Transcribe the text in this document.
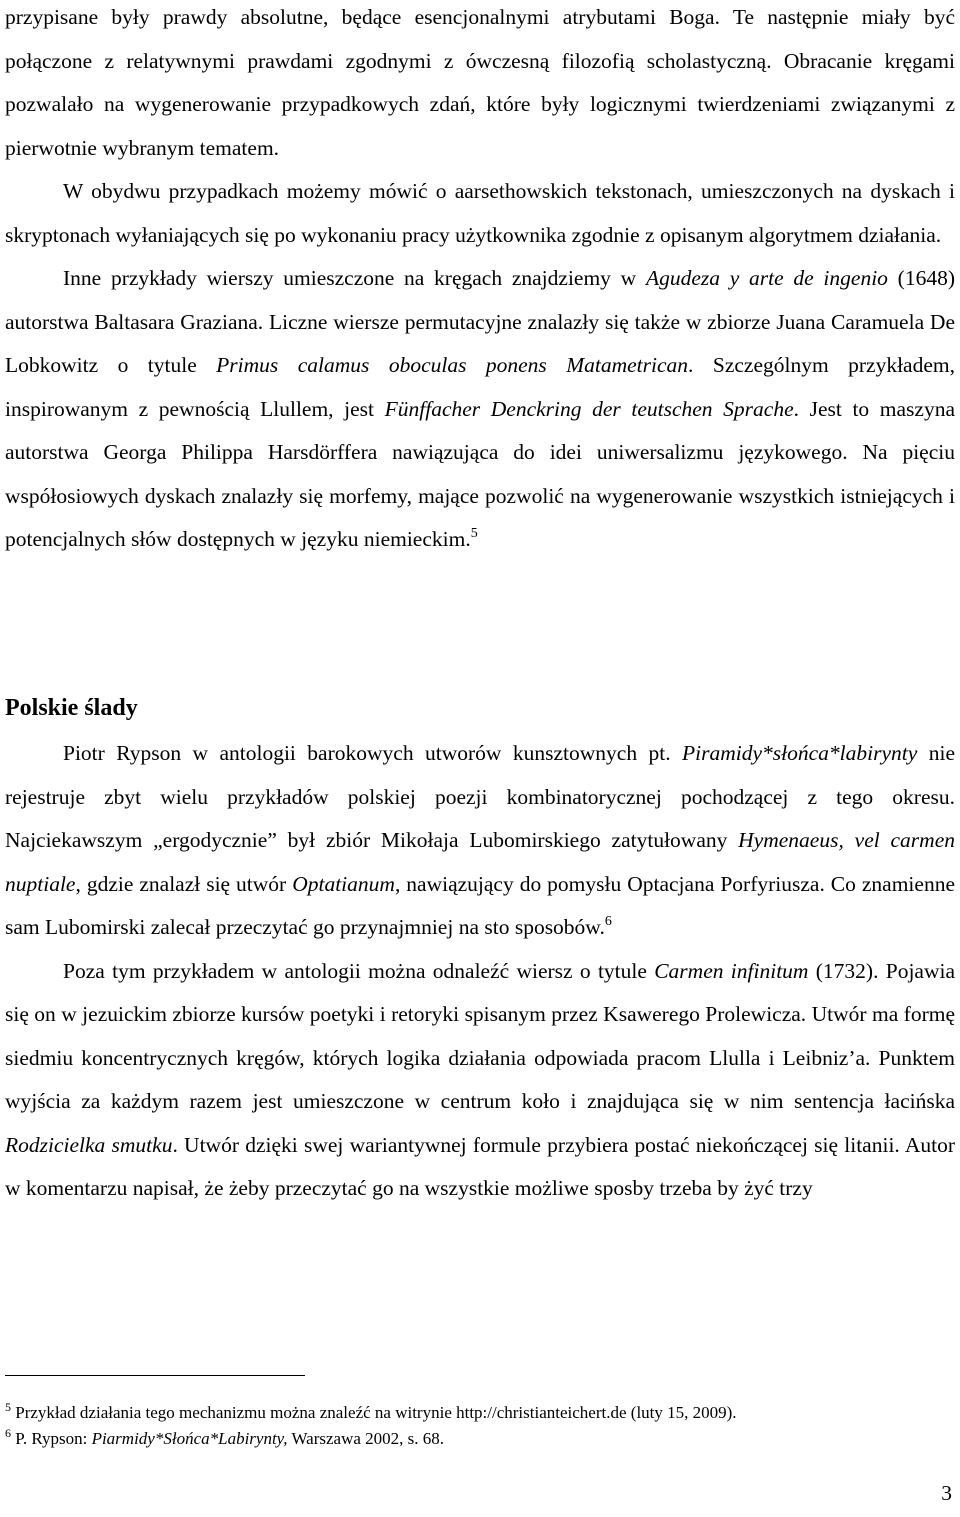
przypisane były prawdy absolutne, będące esencjonalnymi atrybutami Boga. Te następnie miały być połączone z relatywnymi prawdami zgodnymi z ówczesną filozofią scholastyczną. Obracanie kręgami pozwalało na wygenerowanie przypadkowych zdań, które były logicznymi twierdzeniami związanymi z pierwotnie wybranym tematem.

W obydwu przypadkach możemy mówić o aarsethowskich tekstonach, umieszczonych na dyskach i skryptonach wyłaniających się po wykonaniu pracy użytkownika zgodnie z opisanym algorytmem działania.

Inne przykłady wierszy umieszczone na kręgach znajdziemy w Agudeza y arte de ingenio (1648) autorstwa Baltasara Graziana. Liczne wiersze permutacyjne znalazły się także w zbiorze Juana Caramuela De Lobkowitz o tytule Primus calamus oboculas ponens Matametrican. Szczególnym przykładem, inspirowanym z pewnością Llullem, jest Fünffacher Denckring der teutschen Sprache. Jest to maszyna autorstwa Georga Philippa Harsdörffera nawiązująca do idei uniwersalizmu językowego. Na pięciu współosiowych dyskach znalazły się morfemy, mające pozwolić na wygenerowanie wszystkich istniejących i potencjalnych słów dostępnych w języku niemieckim.$^5$

Polskie ślady

Piotr Rypson w antologii barokowych utworów kunsztownych pt. Piramidy*słońca*labirynty nie rejestruje zbyt wielu przykładów polskiej poezji kombinatorycznej pochodzącej z tego okresu. Najciekawszym „ergodycznie” był zbiór Mikołaja Lubomirskiego zatytułowany Hymenaeus, vel carmen nuptiale, gdzie znalazł się utwór Optatianum, nawiązujący do pomysłu Optacjana Porfyriusza. Co znamienne sam Lubomirski zalecał przeczytać go przynajmniej na sto sposobów.$^6$

Poza tym przykładem w antologii można odnaleźć wiersz o tytule Carmen infinitum (1732). Pojawia się on w jezuickim zbiorze kursów poetyki i retoryki spisanym przez Ksawerego Prolewicza. Utwór ma formę siedmiu koncentrycznych kręgów, których logika działania odpowiada pracom Llulla i Leibniz’a. Punktem wyjścia za każdym razem jest umieszczone w centrum koło i znajdująca się w nim sentencja łacińska Rodzicielka smutku. Utwór dzięki swej wariantywnej formule przybiera postać niekończącej się litanii. Autor w komentarzu napisał, że żeby przeczytać go na wszystkie możliwe sposby trzeba by żyć trzy

$^5$ Przykład działania tego mechanizmu można znaleźć na witrynie http://christianteichert.de (luty 15, 2009).

$^6$ P. Rypson: Piarmidy*Słońca*Labirynty, Warszawa 2002, s. 68.

3
